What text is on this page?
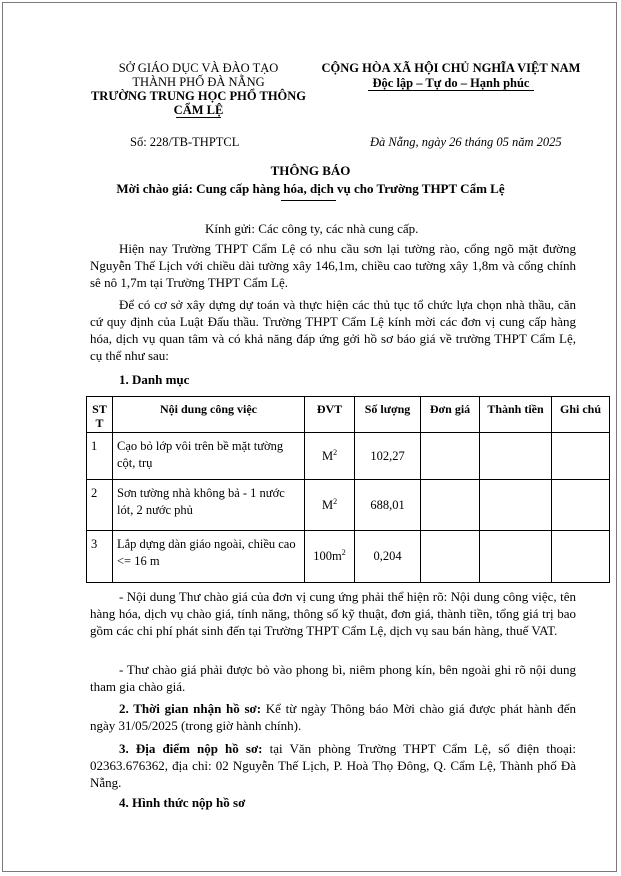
SỞ GIÁO DỤC VÀ ĐÀO TẠO
THÀNH PHỐ ĐÀ NẴNG
TRƯỜNG TRUNG HỌC PHỔ THÔNG
CẨM LỆ
CỘNG HÒA XÃ HỘI CHỦ NGHĨA VIỆT NAM
Độc lập – Tự do – Hạnh phúc
Số: 228/TB-THPTCL	Đà Nẵng, ngày 26 tháng 05 năm 2025
THÔNG BÁO
Mời chào giá: Cung cấp hàng hóa, dịch vụ cho Trường THPT Cẩm Lệ
Kính gửi: Các công ty, các nhà cung cấp.
Hiện nay Trường THPT Cẩm Lệ có nhu cầu sơn lại tường rào, cổng ngõ mặt đường Nguyễn Thế Lịch với chiều dài tường xây 146,1m, chiều cao tường xây 1,8m và cổng chính sê nô 1,7m tại Trường THPT Cẩm Lệ.
Để có cơ sở xây dựng dự toán và thực hiện các thủ tục tổ chức lựa chọn nhà thầu, căn cứ quy định của Luật Đấu thầu. Trường THPT Cẩm Lệ kính mời các đơn vị cung cấp hàng hóa, dịch vụ quan tâm và có khả năng đáp ứng gởi hồ sơ báo giá về trường THPT Cẩm Lệ, cụ thể như sau:
1. Danh mục
ST T	Nội dung công việc	ĐVT	Số lượng	Đơn giá	Thành tiền	Ghi chú
1	Cạo bỏ lớp vôi trên bề mặt tường cột, trụ	$M^2$	102,27			
2	Sơn tường nhà không bả - 1 nước lót, 2 nước phủ	$M^2$	688,01			
3	Lắp dựng dàn giáo ngoài, chiều cao <= 16 m	$100m^2$	0,204			
- Nội dung Thư chào giá của đơn vị cung ứng phải thể hiện rõ: Nội dung công việc, tên hàng hóa, dịch vụ chào giá, tính năng, thông số kỹ thuật, đơn giá, thành tiền, tổng giá trị bao gồm các chi phí phát sinh đến tại Trường THPT Cẩm Lệ, dịch vụ sau bán hàng, thuế VAT.
- Thư chào giá phải được bỏ vào phong bì, niêm phong kín, bên ngoài ghi rõ nội dung tham gia chào giá.
2. Thời gian nhận hồ sơ: Kể từ ngày Thông báo Mời chào giá được phát hành đến ngày 31/05/2025 (trong giờ hành chính).
3. Địa điểm nộp hồ sơ: tại Văn phòng Trường THPT Cẩm Lệ, số điện thoại: 02363.676362, địa chỉ: 02 Nguyễn Thế Lịch, P. Hoà Thọ Đông, Q. Cẩm Lệ, Thành phố Đà Nẵng.
4. Hình thức nộp hồ sơ
